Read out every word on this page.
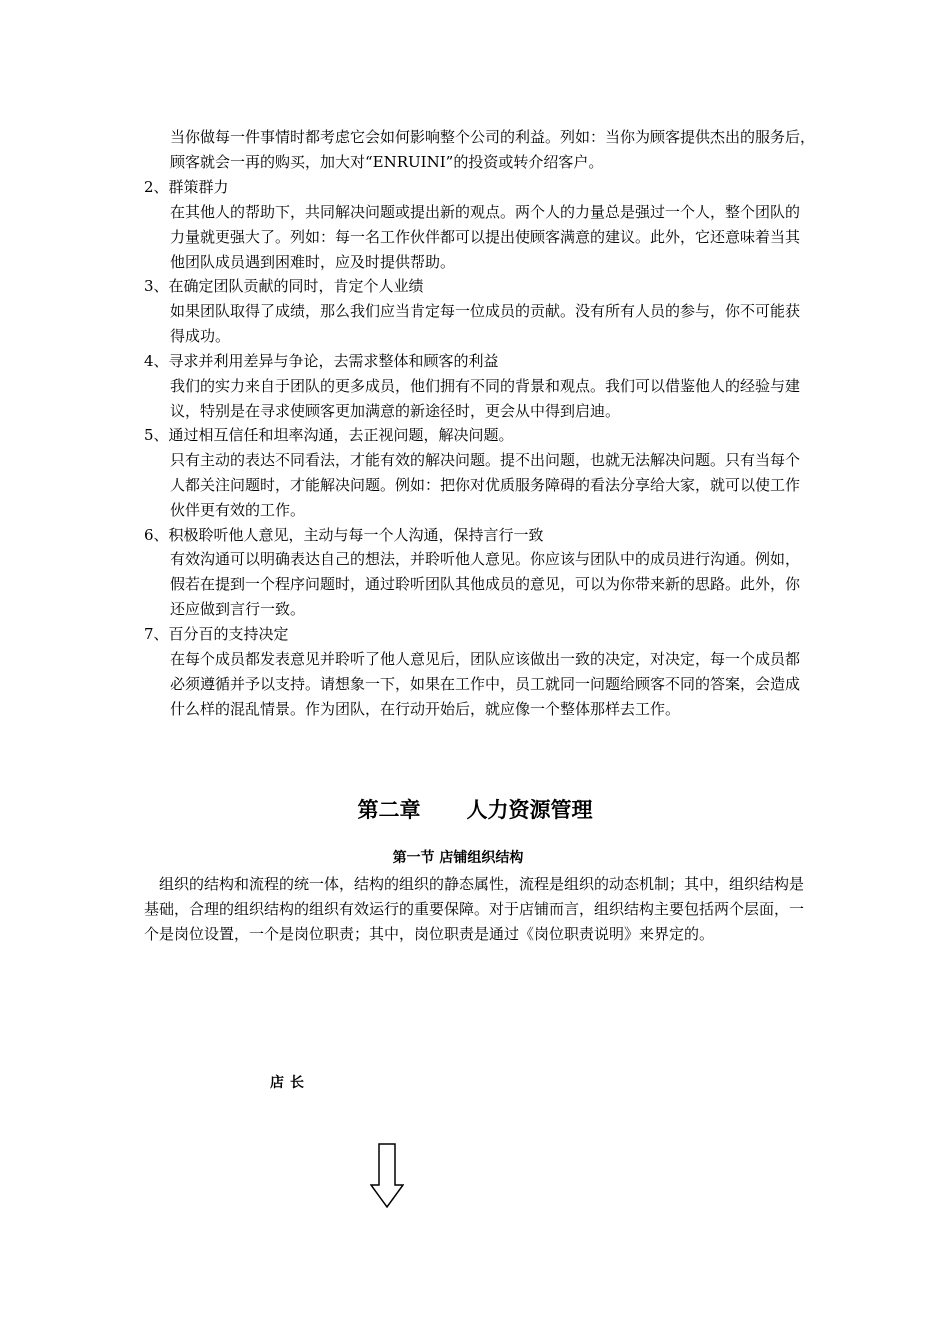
当你做每一件事情时都考虑它会如何影响整个公司的利益。列如：当你为顾客提供杰出的服务后，
顾客就会一再的购买，加大对“ENRUINI”的投资或转介绍客户。
2、群策群力
在其他人的帮助下，共同解决问题或提出新的观点。两个人的力量总是强过一个人，整个团队的
力量就更强大了。列如：每一名工作伙伴都可以提出使顾客满意的建议。此外，它还意味着当其
他团队成员遇到困难时，应及时提供帮助。
3、在确定团队贡献的同时，肯定个人业绩
如果团队取得了成绩，那么我们应当肯定每一位成员的贡献。没有所有人员的参与，你不可能获
得成功。
4、寻求并利用差异与争论，去需求整体和顾客的利益
我们的实力来自于团队的更多成员，他们拥有不同的背景和观点。我们可以借鉴他人的经验与建
议，特别是在寻求使顾客更加满意的新途径时，更会从中得到启迪。
5、通过相互信任和坦率沟通，去正视问题，解决问题。
只有主动的表达不同看法，才能有效的解决问题。提不出问题，也就无法解决问题。只有当每个
人都关注问题时，才能解决问题。例如：把你对优质服务障碍的看法分享给大家，就可以使工作
伙伴更有效的工作。
6、积极聆听他人意见，主动与每一个人沟通，保持言行一致
有效沟通可以明确表达自己的想法，并聆听他人意见。你应该与团队中的成员进行沟通。例如，
假若在提到一个程序问题时，通过聆听团队其他成员的意见，可以为你带来新的思路。此外，你
还应做到言行一致。
7、百分百的支持决定
在每个成员都发表意见并聆听了他人意见后，团队应该做出一致的决定，对决定，每一个成员都
必须遵循并予以支持。请想象一下，如果在工作中，员工就同一问题给顾客不同的答案，会造成
什么样的混乱情景。作为团队，在行动开始后，就应像一个整体那样去工作。
第二章 人力资源管理
第一节 店铺组织结构
　组织的结构和流程的统一体，结构的组织的静态属性，流程是组织的动态机制；其中，组织结构是
基础，合理的组织结构的组织有效运行的重要保障。对于店铺而言，组织结构主要包括两个层面，一
个是岗位设置，一个是岗位职责；其中，岗位职责是通过《岗位职责说明》来界定的。
店长
